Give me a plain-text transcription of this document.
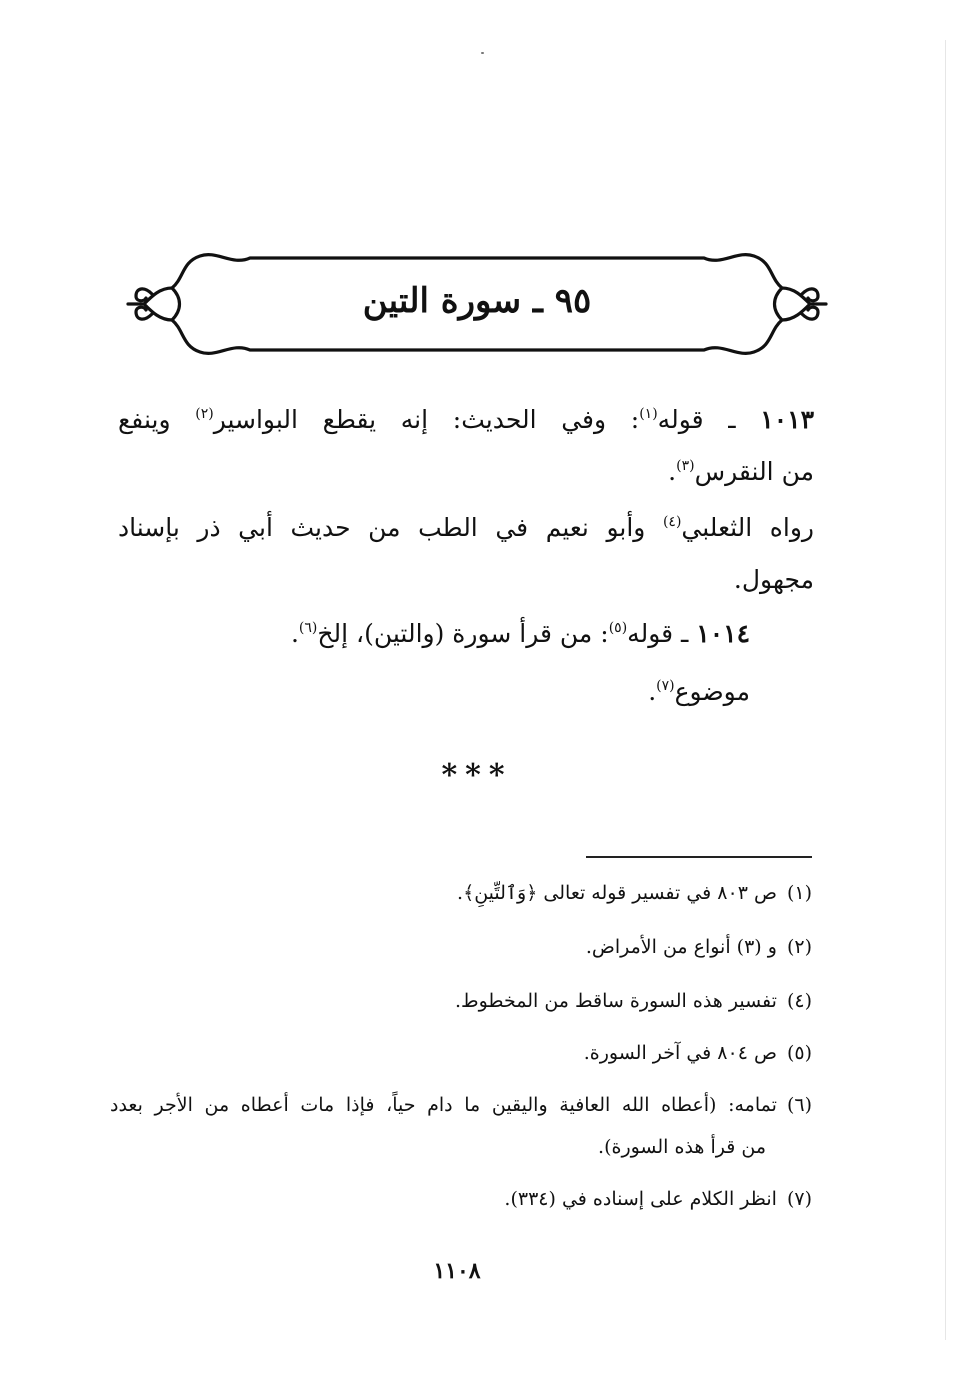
٩٥ ـ سورة التين
١٠١٣ ـ قوله$^{(١)}$: وفي الحديث: إنه يقطع البواسير$^{(٢)}$ وينفع
من النقرس$^{(٣)}$.
رواه الثعلبي$^{(٤)}$ وأبو نعيم في الطب من حديث أبي ذر بإسناد
مجهول.
١٠١٤ ـ قوله$^{(٥)}$: من قرأ سورة (والتين)، إلخ$^{(٦)}$.
موضوع$^{(٧)}$.
***
(١)ص ٨٠٣ في تفسير قوله تعالى ﴿وَٱلتِّينِ﴾.
(٢)و (٣) أنواع من الأمراض.
(٤)تفسير هذه السورة ساقط من المخطوط.
(٥)ص ٨٠٤ في آخر السورة.
(٦)تمامه: (أعطاه الله العافية واليقين ما دام حياً، فإذا مات أعطاه من الأجر بعدد
من قرأ هذه السورة).
(٧)انظر الكلام على إسناده في (٣٣٤).
١١٠٨
